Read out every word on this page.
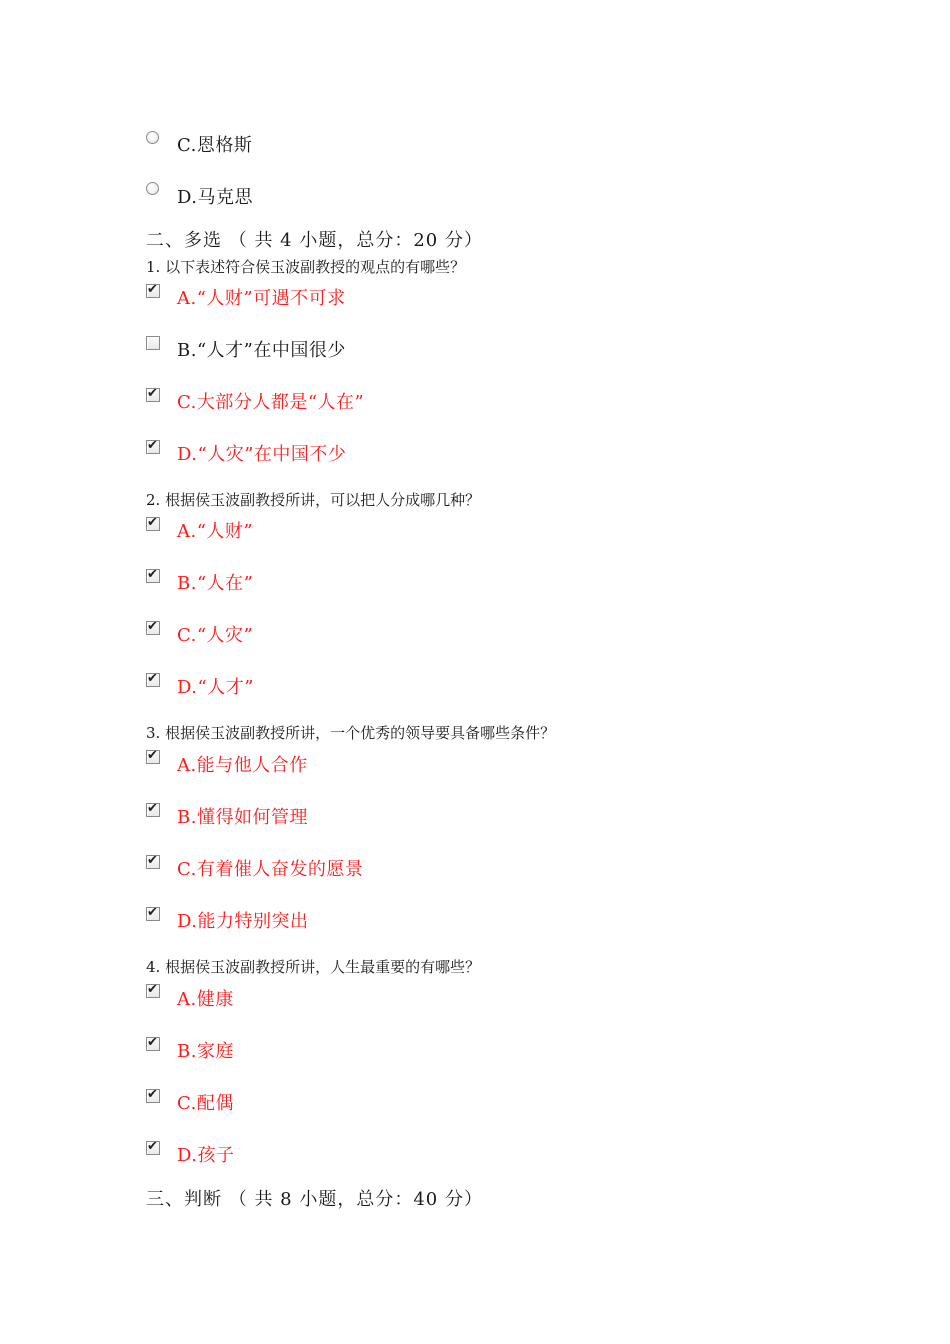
C.恩格斯
D.马克思
二、多选 （ 共 4 小题，总分：20 分）
1. 以下表述符合侯玉波副教授的观点的有哪些？
✔ A.“人财”可遇不可求
B.“人才”在中国很少
✔ C.大部分人都是“人在”
✔ D.“人灾”在中国不少
2. 根据侯玉波副教授所讲，可以把人分成哪几种？
✔ A.“人财”
✔ B.“人在”
✔ C.“人灾”
✔ D.“人才”
3. 根据侯玉波副教授所讲，一个优秀的领导要具备哪些条件？
✔ A.能与他人合作
✔ B.懂得如何管理
✔ C.有着催人奋发的愿景
✔ D.能力特别突出
4. 根据侯玉波副教授所讲，人生最重要的有哪些？
✔ A.健康
✔ B.家庭
✔ C.配偶
✔ D.孩子
三、判断 （ 共 8 小题，总分：40 分）
